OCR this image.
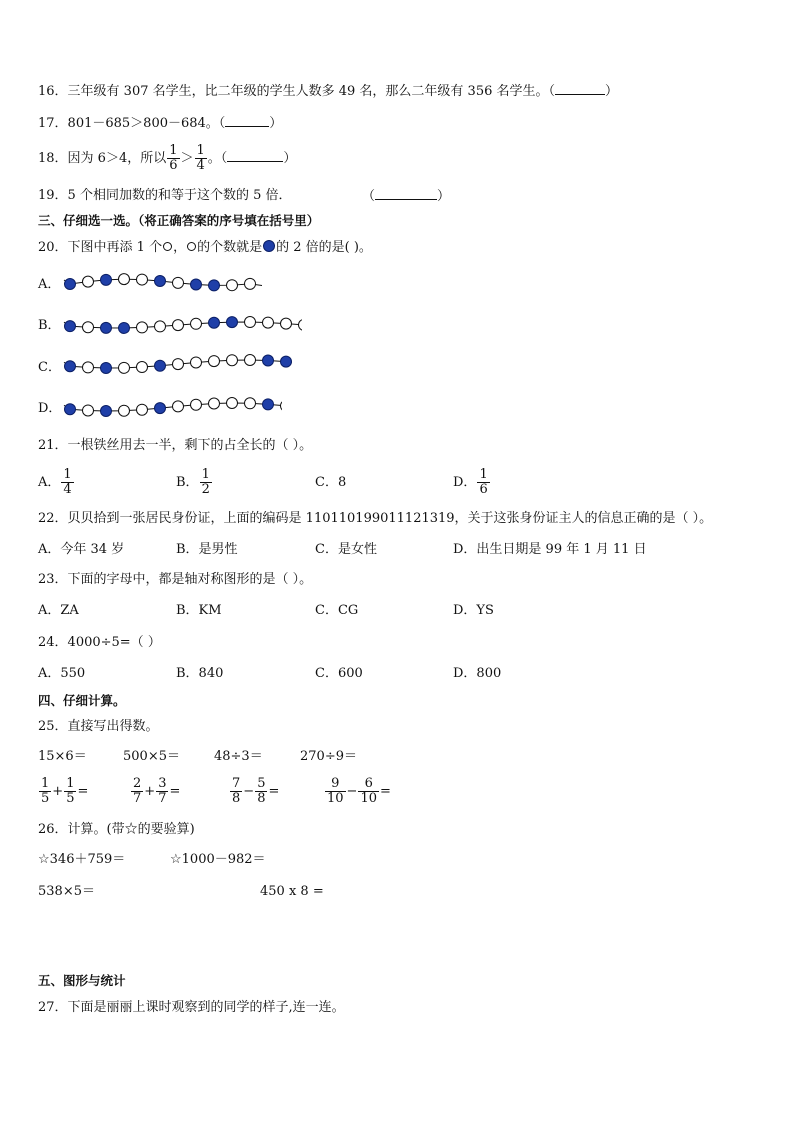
16．三年级有 307 名学生，比二年级的学生人数多 49 名，那么二年级有 356 名学生。（	）
17．801－685＞800－684。（	）
18．因为 6＞4，所以 $\frac{1}{6} > \frac{1}{4}$ 。（	）
19．5 个相同加数的和等于这个数的 5 倍．	（	）
三、仔细选一选。（将正确答案的序号填在括号里）
20．下图中再添 1 个 ， 的个数就是 的 2 倍的是( )。
A．
B．
C．
D．
21．一根铁丝用去一半，剩下的占全长的（ ）。
A． $\frac{1}{4}$	B． $\frac{1}{2}$	C．8	D． $\frac{1}{6}$
22．贝贝拾到一张居民身份证，上面的编码是 110110199011121319，关于这张身份证主人的信息正确的是（ ）。
A．今年 34 岁	B．是男性	C．是女性	D．出生日期是 99 年 1 月 11 日
23．下面的字母中，都是轴对称图形的是（ ）。
A．ZA	B．KM	C．CG	D．YS
24．4000÷5=（ ）
A．550	B．840	C．600	D．800
四、仔细计算。
25．直接写出得数。
15×6＝	500×5＝	48÷3＝	270÷9＝
$\frac{1}{5} + \frac{1}{5}$ =	$\frac{2}{7} + \frac{3}{7}$ =	$\frac{7}{8} - \frac{5}{8}$ =	$\frac{9}{10} - \frac{6}{10}$ =
26．计算。(带☆的要验算)
☆346＋759＝	☆1000－982＝
538×5＝	450 x 8 =
五、图形与统计
27．下面是丽丽上课时观察到的同学的样子,连一连。
